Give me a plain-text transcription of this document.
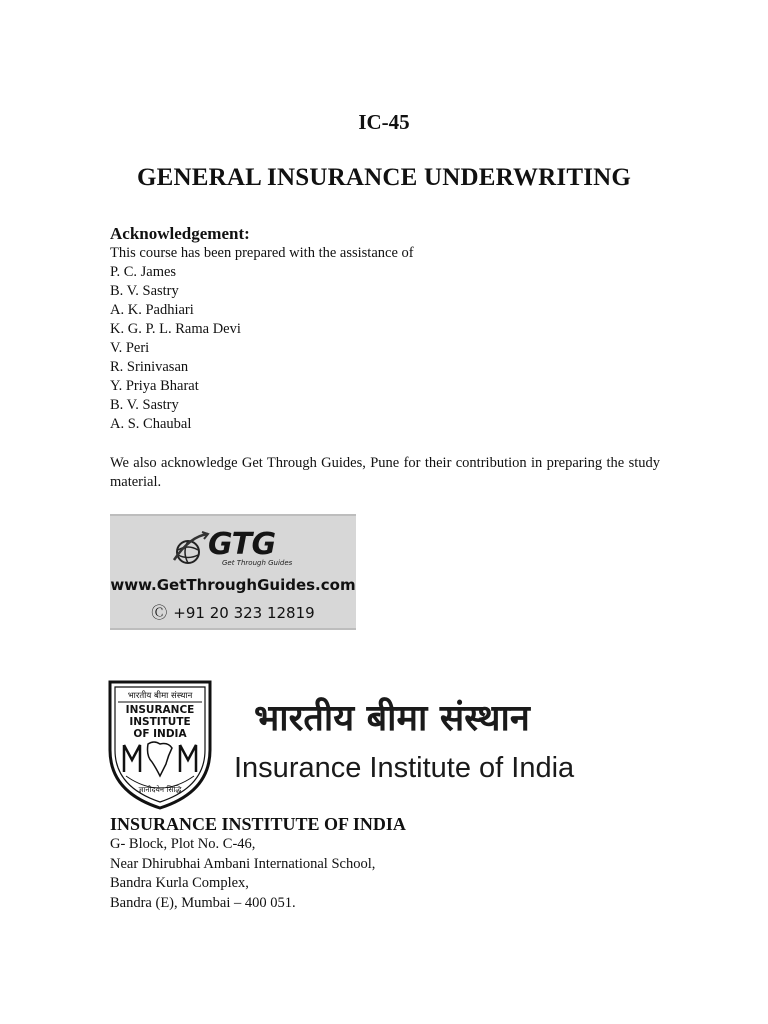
IC-45
GENERAL INSURANCE UNDERWRITING

Acknowledgement:

This course has been prepared with the assistance of

P. C. James
B. V. Sastry
A. K. Padhiari
K. G. P. L. Rama Devi
V. Peri
R. Srinivasan
Y. Priya Bharat
B. V. Sastry
A. S. Chaubal
We also acknowledge Get Through Guides, Pune for their contribution in preparing the study material.
GTG
Get Through Guides
www.GetThroughGuides.com
Ⓒ +91 20 323 12819
भारतीय बीमा संस्थान
INSURANCE
INSTITUTE
OF INDIA
ज्ञानोदयेन सिद्धि
भारतीय बीमा संस्थान
Insurance Institute of India

INSURANCE INSTITUTE OF INDIA

G- Block, Plot No. C-46,

Near Dhirubhai Ambani International School,

Bandra Kurla Complex,

Bandra (E), Mumbai – 400 051.
